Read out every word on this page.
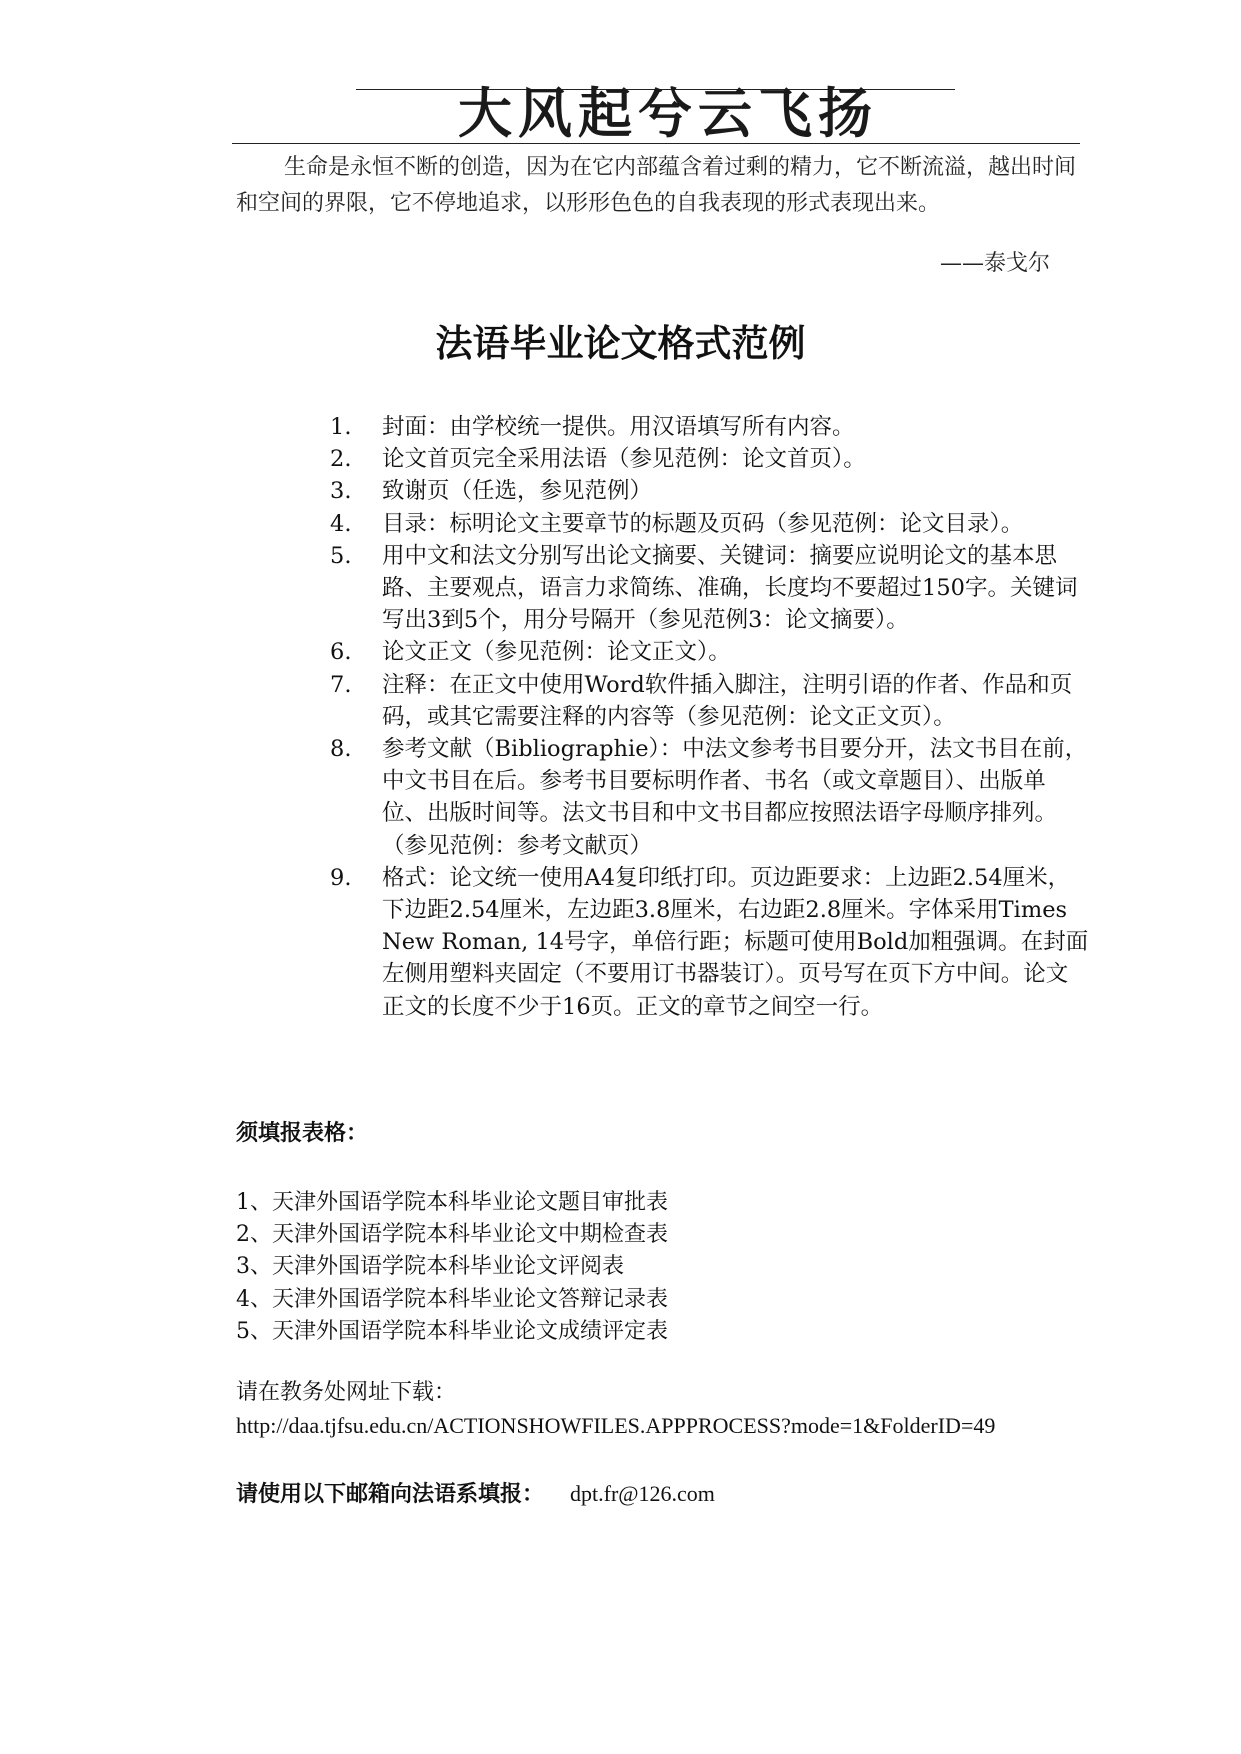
大风起兮云飞扬
生命是永恒不断的创造，因为在它内部蕴含着过剩的精力，它不断流溢，越出时间和空间的界限，它不停地追求，以形形色色的自我表现的形式表现出来。
——泰戈尔
法语毕业论文格式范例
1. 封面：由学校统一提供。用汉语填写所有内容。
2. 论文首页完全采用法语（参见范例：论文首页）。
3. 致谢页（任选，参见范例）
4. 目录：标明论文主要章节的标题及页码（参见范例：论文目录）。
5. 用中文和法文分别写出论文摘要、关键词：摘要应说明论文的基本思路、主要观点，语言力求简练、准确，长度均不要超过150字。关键词写出3到5个，用分号隔开（参见范例3：论文摘要）。
6. 论文正文（参见范例：论文正文）。
7. 注释：在正文中使用Word软件插入脚注，注明引语的作者、作品和页码，或其它需要注释的内容等（参见范例：论文正文页）。
8. 参考文献（Bibliographie）：中法文参考书目要分开，法文书目在前，中文书目在后。参考书目要标明作者、书名（或文章题目）、出版单位、出版时间等。法文书目和中文书目都应按照法语字母顺序排列。（参见范例：参考文献页）
9. 格式：论文统一使用A4复印纸打印。页边距要求：上边距2.54厘米，下边距2.54厘米，左边距3.8厘米，右边距2.8厘米。字体采用Times New Roman, 14号字，单倍行距；标题可使用Bold加粗强调。在封面左侧用塑料夹固定（不要用订书器装订）。页号写在页下方中间。论文正文的长度不少于16页。正文的章节之间空一行。
须填报表格：
1、天津外国语学院本科毕业论文题目审批表
2、天津外国语学院本科毕业论文中期检查表
3、天津外国语学院本科毕业论文评阅表
4、天津外国语学院本科毕业论文答辩记录表
5、天津外国语学院本科毕业论文成绩评定表
请在教务处网址下载：
http://daa.tjfsu.edu.cn/ACTIONSHOWFILES.APPPROCESS?mode=1&FolderID=49
请使用以下邮箱向法语系填报： dpt.fr@126.com
